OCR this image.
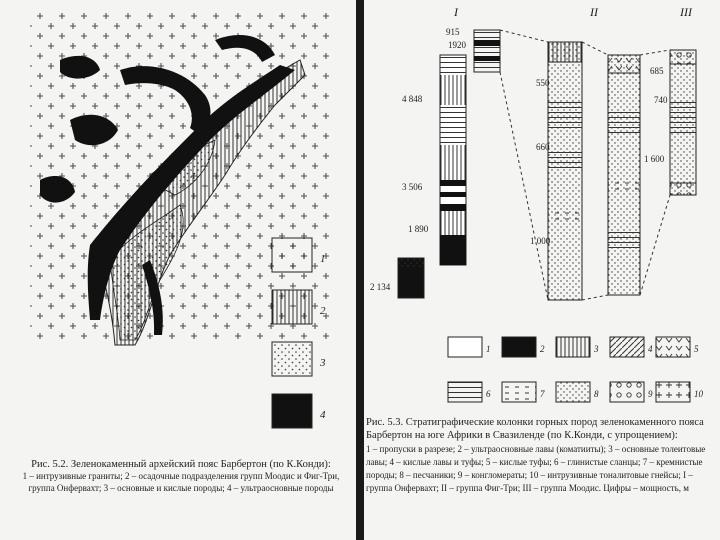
1
2
3
4
Рис. 5.2. Зеленокаменный архейский пояс Барбертон (по К.Конди):
1 – интрузивные граниты; 2 – осадочные подразделения групп Моодис и Фиг-Три, группа Онфервахт; 3 – основные и кислые породы; 4 – ультраосновные породы
I	II	III
915
1920
4 848
3 506
1 890
2 134
550
660
1 000
685
740
1 600
1	2	3	4	5
6	7	8	9	10
Рис. 5.3. Стратиграфические колонки горных пород зеленокаменного пояса Барбертон на юге Африки в Свазиленде (по К.Конди, с упрощением):
1 – пропуски в разрезе; 2 – ультраосновные лавы (коматииты); 3 – основные толеитовые лавы; 4 – кислые лавы и туфы; 5 – кислые туфы; 6 – глинистые сланцы; 7 – кремнистые породы; 8 – песчаники; 9 – конгломераты; 10 – интрузивные тоналитовые гнейсы; I – группа Онфервахт; II – группа Фиг-Три; III – группа Моодис. Цифры – мощность, м
